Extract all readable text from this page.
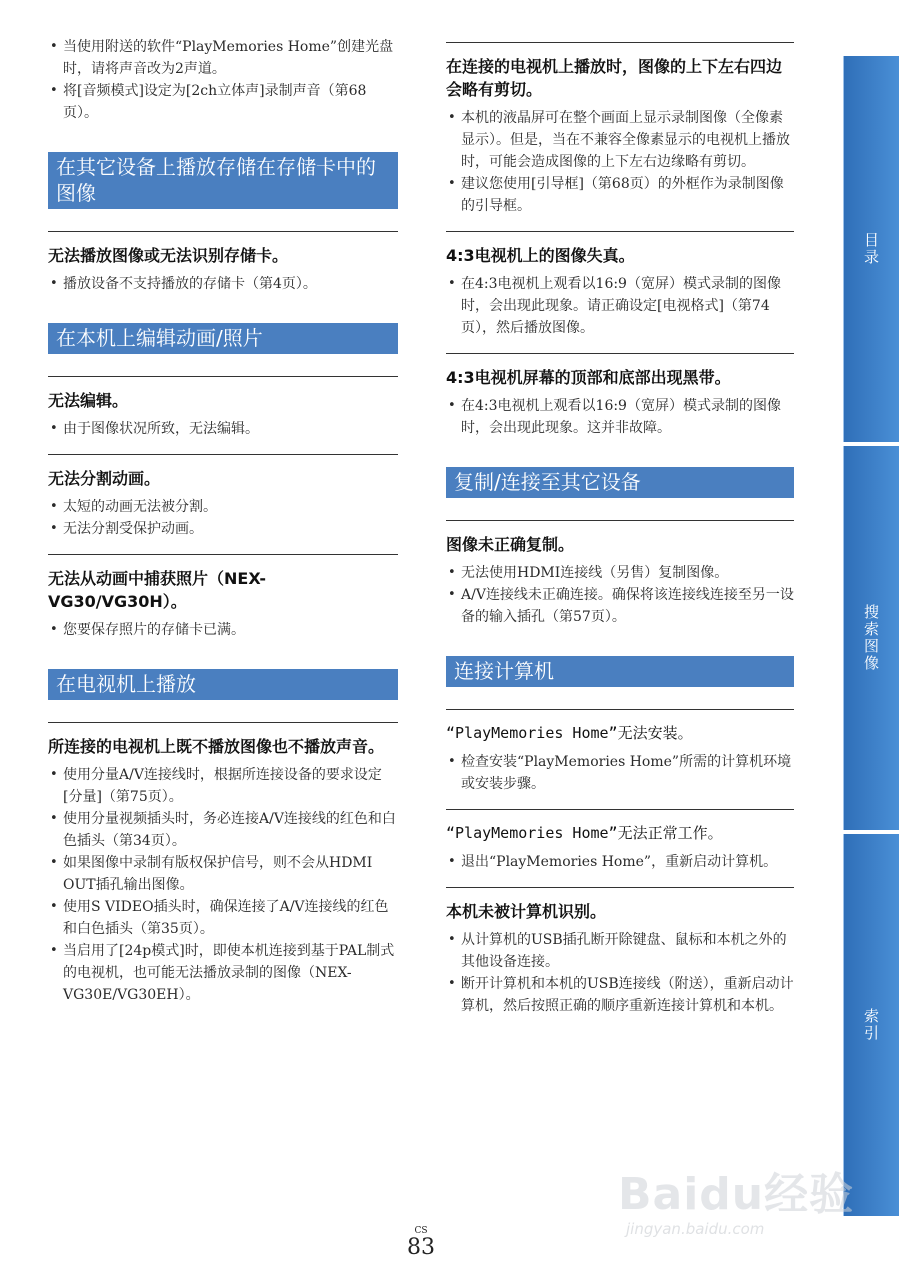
• 当使用附送的软件“PlayMemories Home”创建光盘时，请将声音改为2声道。
• 将[音频模式]设定为[2ch立体声]录制声音（第68页）。
在其它设备上播放存储在存储卡中的图像
无法播放图像或无法识别存储卡。
• 播放设备不支持播放的存储卡（第4页）。
在本机上编辑动画/照片
无法编辑。
• 由于图像状况所致，无法编辑。
无法分割动画。
• 太短的动画无法被分割。
• 无法分割受保护动画。
无法从动画中捕获照片（NEX-VG30/VG30H）。
• 您要保存照片的存储卡已满。
在电视机上播放
所连接的电视机上既不播放图像也不播放声音。
• 使用分量A/V连接线时，根据所连接设备的要求设定[分量]（第75页）。
• 使用分量视频插头时，务必连接A/V连接线的红色和白色插头（第34页）。
• 如果图像中录制有版权保护信号，则不会从HDMI OUT插孔输出图像。
• 使用S VIDEO插头时，确保连接了A/V连接线的红色和白色插头（第35页）。
• 当启用了[24p模式]时，即使本机连接到基于PAL制式的电视机，也可能无法播放录制的图像（NEX-VG30E/VG30EH）。
在连接的电视机上播放时，图像的上下左右四边会略有剪切。
• 本机的液晶屏可在整个画面上显示录制图像（全像素显示）。但是，当在不兼容全像素显示的电视机上播放时，可能会造成图像的上下左右边缘略有剪切。
• 建议您使用[引导框]（第68页）的外框作为录制图像的引导框。
4:3电视机上的图像失真。
• 在4:3电视机上观看以16:9（宽屏）模式录制的图像时，会出现此现象。请正确设定[电视格式]（第74页），然后播放图像。
4:3电视机屏幕的顶部和底部出现黑带。
• 在4:3电视机上观看以16:9（宽屏）模式录制的图像时，会出现此现象。这并非故障。
复制/连接至其它设备
图像未正确复制。
• 无法使用HDMI连接线（另售）复制图像。
• A/V连接线未正确连接。确保将该连接线连接至另一设备的输入插孔（第57页）。
连接计算机
“PlayMemories Home”无法安装。
• 检查安装“PlayMemories Home”所需的计算机环境或安装步骤。
“PlayMemories Home”无法正常工作。
• 退出“PlayMemories Home”，重新启动计算机。
本机未被计算机识别。
• 从计算机的USB插孔断开除键盘、鼠标和本机之外的其他设备连接。
• 断开计算机和本机的USB连接线（附送），重新启动计算机，然后按照正确的顺序重新连接计算机和本机。
目录
搜索图像
索引
CS
83
Baidu经验
jingyan.baidu.com
